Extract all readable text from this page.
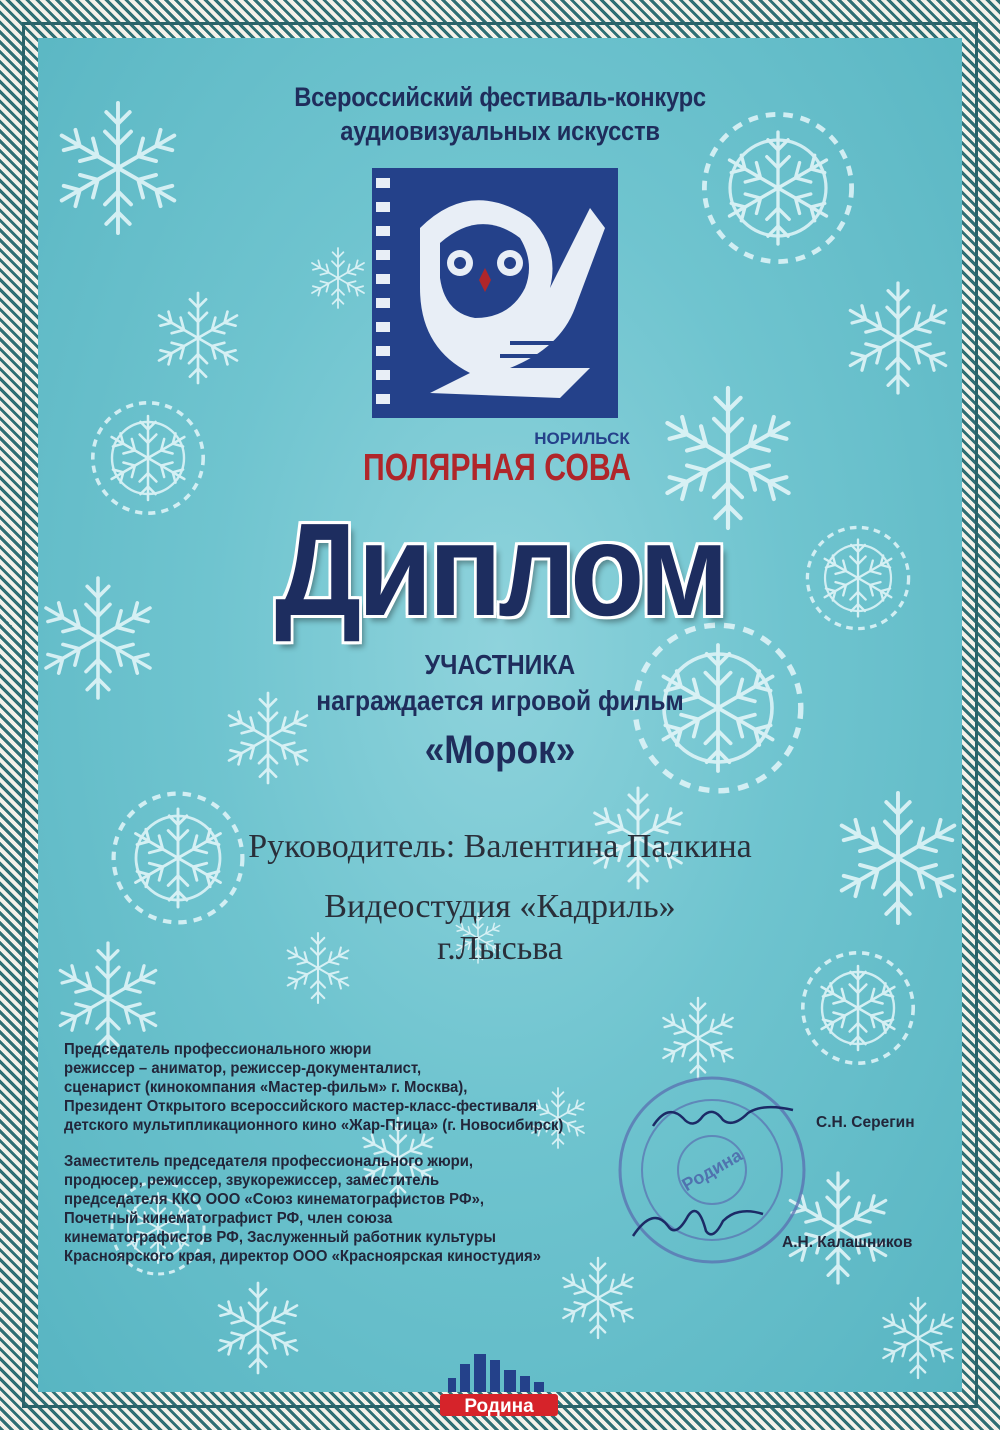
Всероссийский фестиваль-конкурс
аудиовизуальных искусств
НОРИЛЬСК
ПОЛЯРНАЯ СОВА
Диплом
УЧАСТНИКА
награждается игровой фильм
«Морок»
Руководитель: Валентина Палкина
Видеостудия «Кадриль»
г.Лысьва
Председатель профессионального жюри
режиссер – аниматор, режиссер-документалист,
сценарист (кинокомпания «Мастер-фильм» г. Москва),
Президент Открытого всероссийского мастер-класс-фестиваля
детского мультипликационного кино «Жар-Птица» (г. Новосибирск)
Родина
С.Н. Серегин
Заместитель председателя профессионального жюри,
продюсер, режиссер, звукорежиссер, заместитель
председателя ККО ООО «Союз кинематографистов РФ»,
Почетный кинематографист РФ, член союза
кинематографистов РФ, Заслуженный работник культуры
Красноярского края, директор ООО «Красноярская киностудия»
А.Н. Калашников
Родина
